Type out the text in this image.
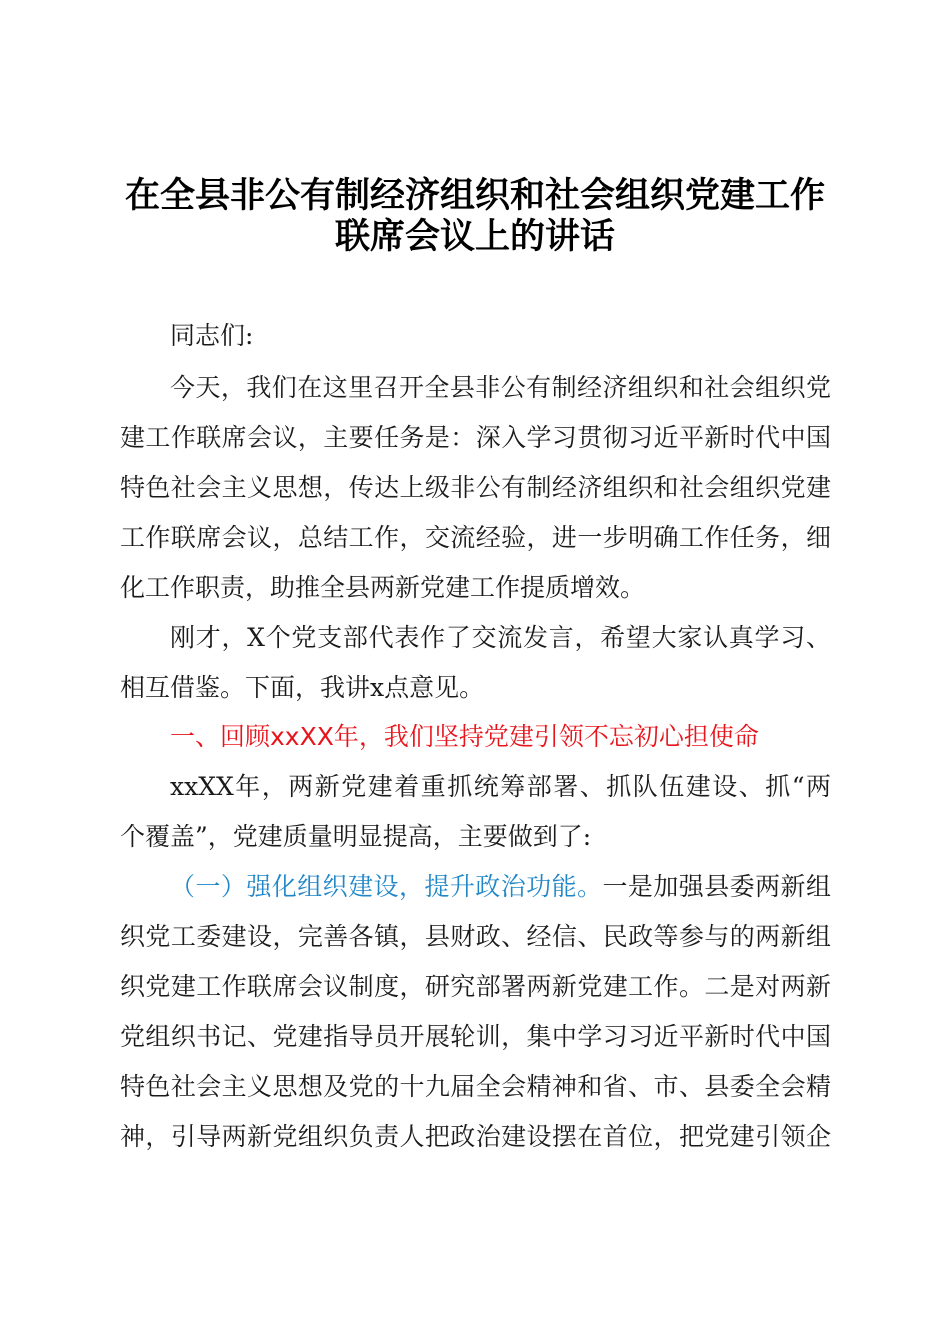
在全县非公有制经济组织和社会组织党建工作
联席会议上的讲话
同志们:
今天，我们在这里召开全县非公有制经济组织和社会组织党
建工作联席会议，主要任务是：深入学习贯彻习近平新时代中国
特色社会主义思想，传达上级非公有制经济组织和社会组织党建
工作联席会议，总结工作，交流经验，进一步明确工作任务，细
化工作职责，助推全县两新党建工作提质增效。
刚才，X个党支部代表作了交流发言，希望大家认真学习、
相互借鉴。下面，我讲x点意见。
一、回顾xxXX年，我们坚持党建引领不忘初心担使命
xxXX年，两新党建着重抓统筹部署、抓队伍建设、抓“两
个覆盖”，党建质量明显提高，主要做到了:
（一）强化组织建设，提升政治功能。一是加强县委两新组
织党工委建设，完善各镇，县财政、经信、民政等参与的两新组
织党建工作联席会议制度，研究部署两新党建工作。二是对两新
党组织书记、党建指导员开展轮训，集中学习习近平新时代中国
特色社会主义思想及党的十九届全会精神和省、市、县委全会精
神，引导两新党组织负责人把政治建设摆在首位，把党建引领企
